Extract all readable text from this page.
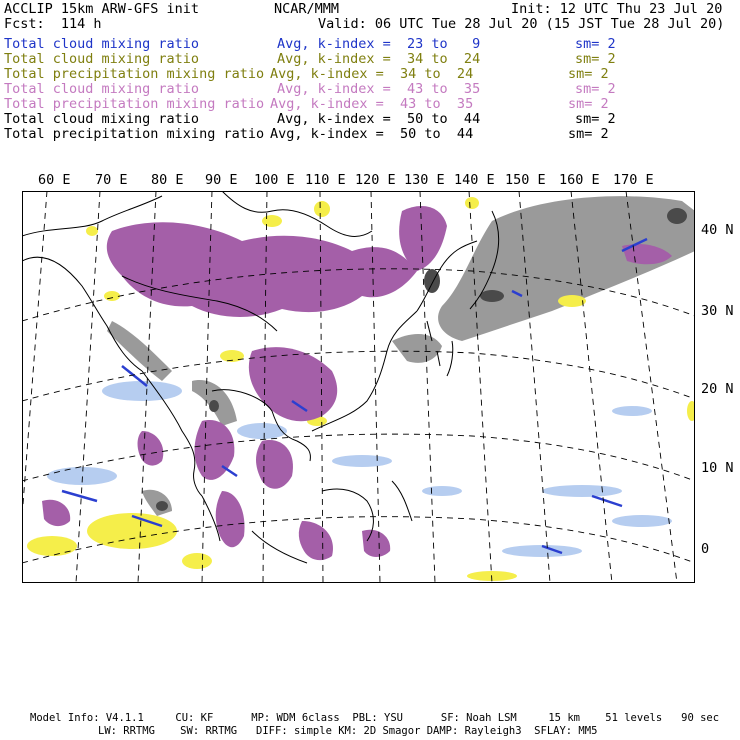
ACCLIP 15km ARW-GFS init	NCAR/MMM	Init: 12 UTC Thu 23 Jul 20
Fcst:  114 h	Valid: 06 UTC Tue 28 Jul 20 (15 JST Tue 28 Jul 20)
Total cloud mixing ratio	Avg, k-index =  23 to   9	sm= 2
Total cloud mixing ratio	Avg, k-index =  34 to  24	sm= 2
Total precipitation mixing ratio Avg, k-index =  34 to  24	sm= 2
Total cloud mixing ratio	Avg, k-index =  43 to  35	sm= 2
Total precipitation mixing ratio Avg, k-index =  43 to  35	sm= 2
Total cloud mixing ratio	Avg, k-index =  50 to  44	sm= 2
Total precipitation mixing ratio Avg, k-index =  50 to  44	sm= 2
60 E 70 E 80 E 90 E 100 E 110 E 120 E 130 E 140 E 150 E 160 E 170 E
40 N
30 N
20 N
10 N
0
Model Info: V4.1.1     CU: KF      MP: WDM 6class  PBL: YSU      SF: Noah LSM     15 km    51 levels   90 sec
LW: RRTMG    SW: RRTMG   DIFF: simple KM: 2D Smagor DAMP: Rayleigh3  SFLAY: MM5
